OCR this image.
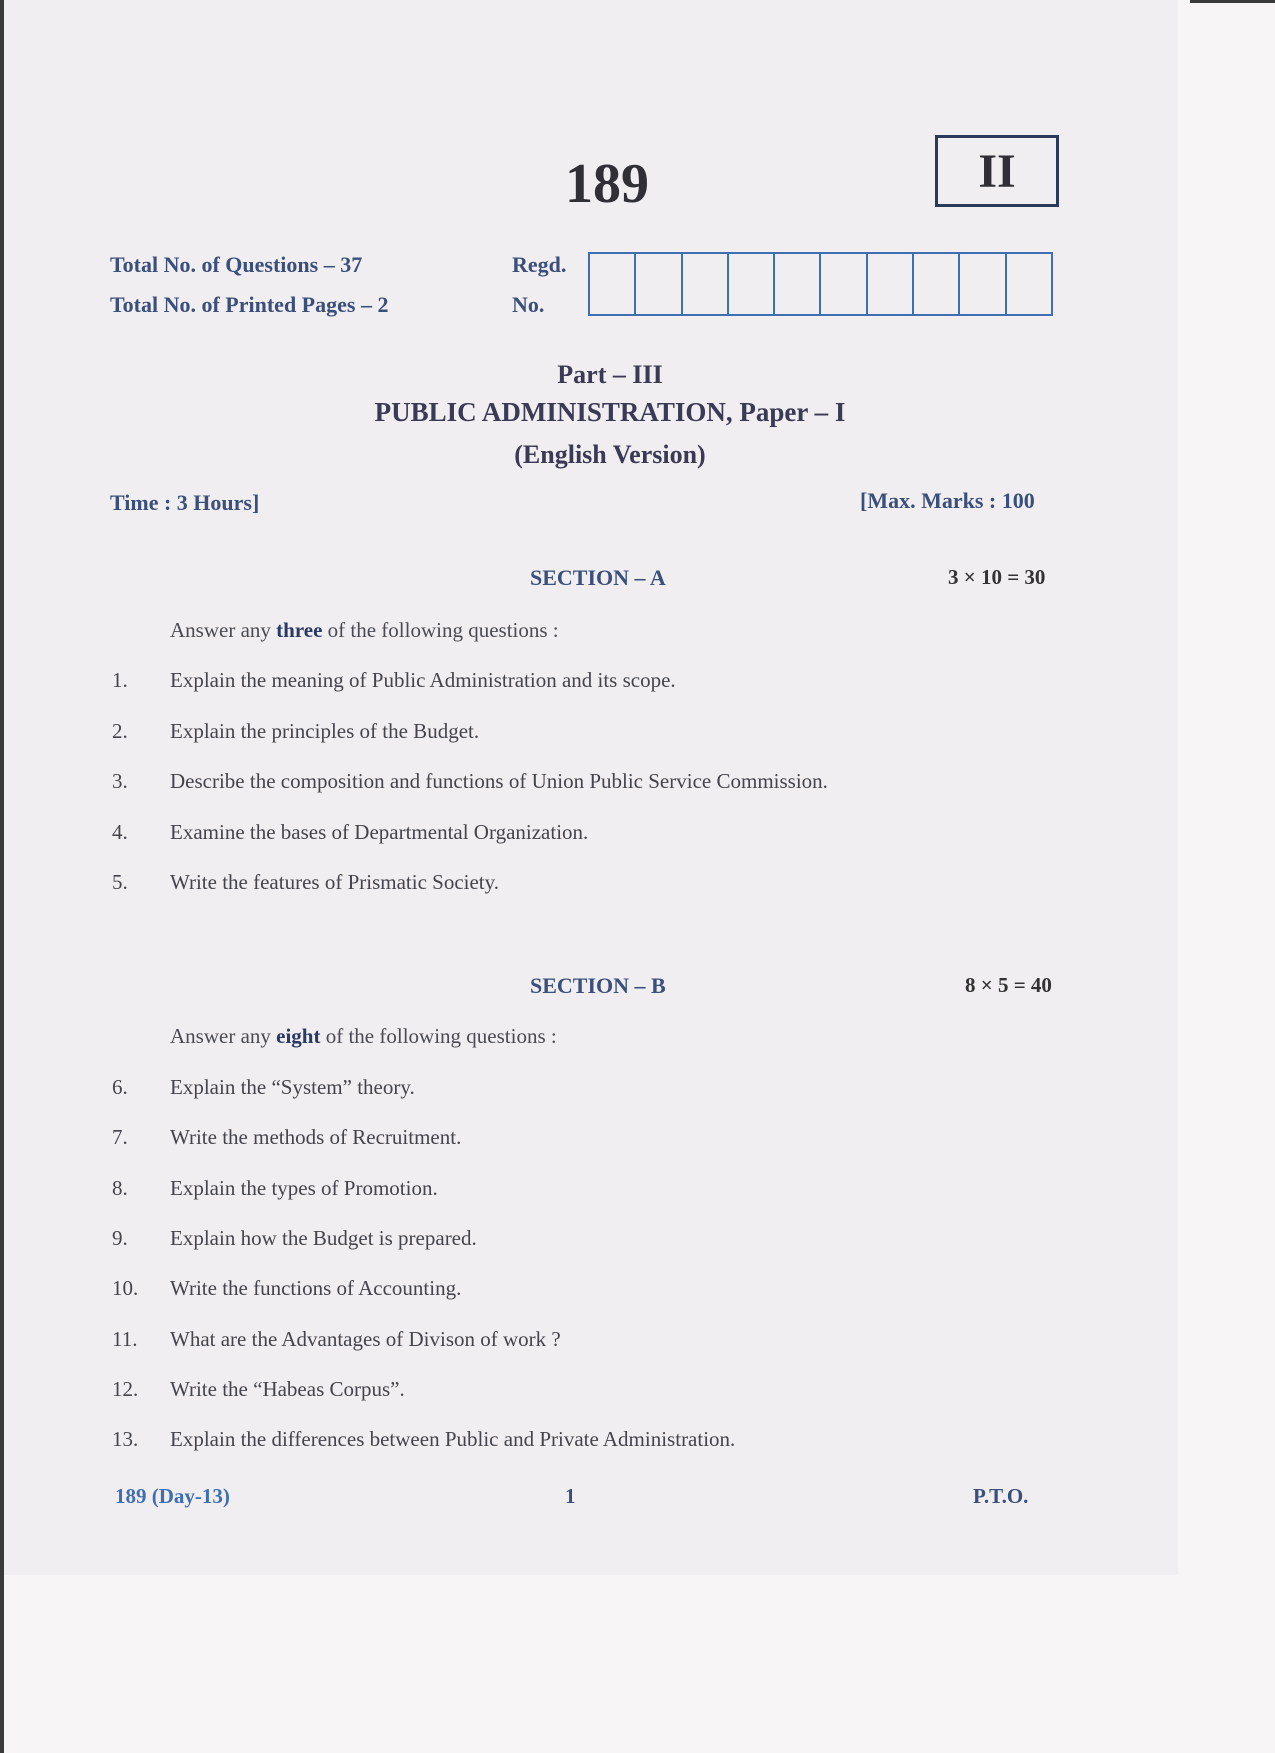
189	II
Total No. of Questions – 37
Total No. of Printed Pages – 2
Regd.
No.
Part – III
PUBLIC ADMINISTRATION, Paper – I
(English Version)
Time : 3 Hours]	[Max. Marks : 100
SECTION – A	3 × 10 = 30
Answer any three of the following questions :
1. Explain the meaning of Public Administration and its scope.
2. Explain the principles of the Budget.
3. Describe the composition and functions of Union Public Service Commission.
4. Examine the bases of Departmental Organization.
5. Write the features of Prismatic Society.
SECTION – B	8 × 5 = 40
Answer any eight of the following questions :
6. Explain the “System” theory.
7. Write the methods of Recruitment.
8. Explain the types of Promotion.
9. Explain how the Budget is prepared.
10. Write the functions of Accounting.
11. What are the Advantages of Divison of work ?
12. Write the “Habeas Corpus”.
13. Explain the differences between Public and Private Administration.
189 (Day-13)	1	P.T.O.
